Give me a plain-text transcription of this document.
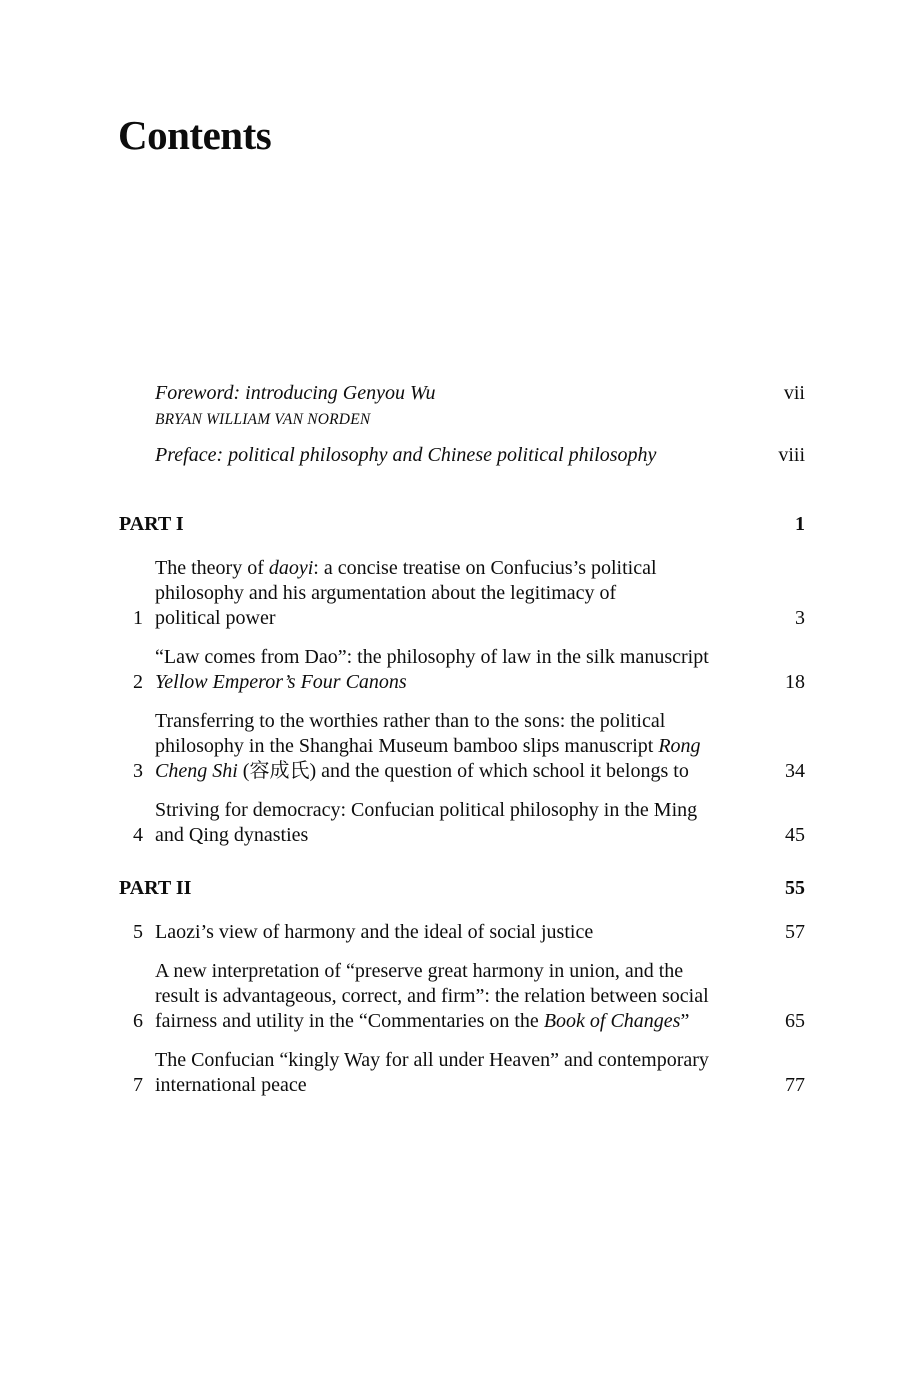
Contents
Foreword: introducing Genyou Wu	vii
BRYAN WILLIAM VAN NORDEN
Preface: political philosophy and Chinese political philosophy	viii
PART I	1
1
The theory of daoyi: a concise treatise on Confucius’s political
philosophy and his argumentation about the legitimacy of
political power	3
2
“Law comes from Dao”: the philosophy of law in the silk manuscript
Yellow Emperor’s Four Canons	18
3
Transferring to the worthies rather than to the sons: the political
philosophy in the Shanghai Museum bamboo slips manuscript Rong
Cheng Shi (容成氏) and the question of which school it belongs to	34
4
Striving for democracy: Confucian political philosophy in the Ming
and Qing dynasties	45
PART II	55
5 Laozi’s view of harmony and the ideal of social justice	57
6
A new interpretation of “preserve great harmony in union, and the
result is advantageous, correct, and firm”: the relation between social
fairness and utility in the “Commentaries on the Book of Changes”	65
7
The Confucian “kingly Way for all under Heaven” and contemporary
international peace	77
